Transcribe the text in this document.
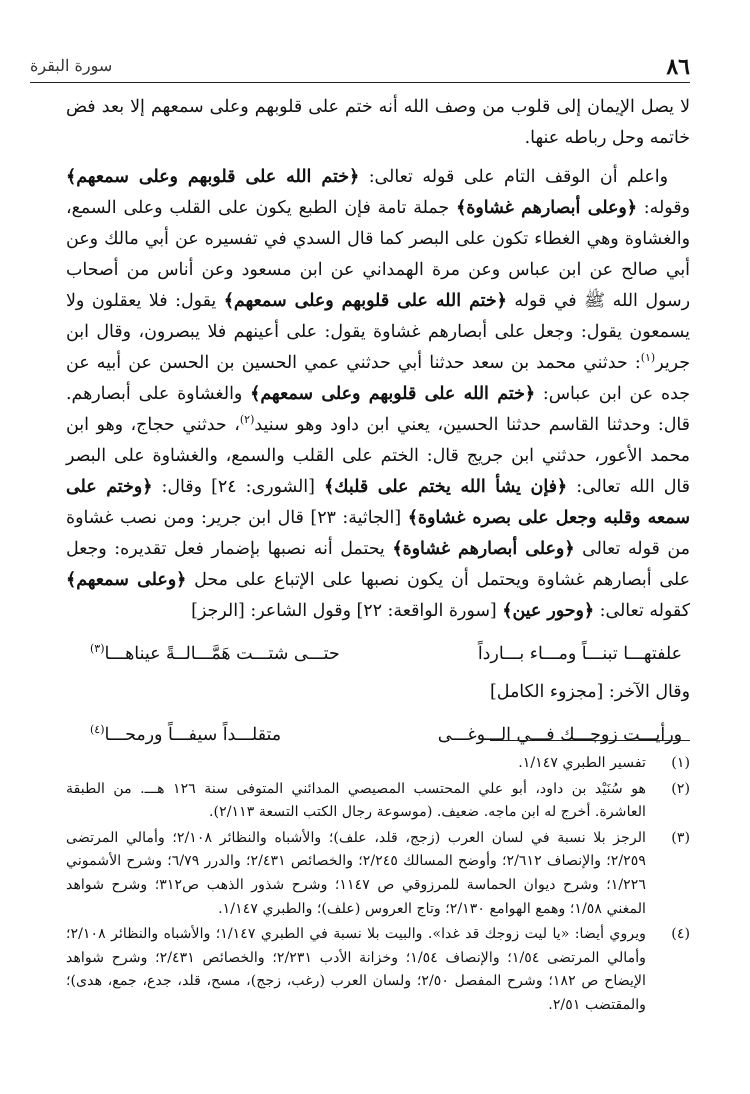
٨٦
سورة البقرة

لا يصل الإيمان إلى قلوب من وصف الله أنه ختم على قلوبهم وعلى سمعهم إلا بعد فض خاتمه وحل رباطه عنها.

واعلم أن الوقف التام على قوله تعالى: ﴿ختم الله على قلوبهم وعلى سمعهم﴾ وقوله: ﴿وعلى أبصارهم غشاوة﴾ جملة تامة فإن الطبع يكون على القلب وعلى السمع، والغشاوة وهي الغطاء تكون على البصر كما قال السدي في تفسيره عن أبي مالك وعن أبي صالح عن ابن عباس وعن مرة الهمداني عن ابن مسعود وعن أناس من أصحاب رسول الله ﷺ في قوله ﴿ختم الله على قلوبهم وعلى سمعهم﴾ يقول: فلا يعقلون ولا يسمعون يقول: وجعل على أبصارهم غشاوة يقول: على أعينهم فلا يبصرون، وقال ابن جرير$^{(١)}$: حدثني محمد بن سعد حدثنا أبي حدثني عمي الحسين بن الحسن عن أبيه عن جده عن ابن عباس: ﴿ختم الله على قلوبهم وعلى سمعهم﴾ والغشاوة على أبصارهم. قال: وحدثنا القاسم حدثنا الحسين، يعني ابن داود وهو سنيد$^{(٢)}$، حدثني حجاج، وهو ابن محمد الأعور، حدثني ابن جريج قال: الختم على القلب والسمع، والغشاوة على البصر قال الله تعالى: ﴿فإن يشأ الله يختم على قلبك﴾ [الشورى: ٢٤] وقال: ﴿وختم على سمعه وقلبه وجعل على بصره غشاوة﴾ [الجاثية: ٢٣] قال ابن جرير: ومن نصب غشاوة من قوله تعالى ﴿وعلى أبصارهم غشاوة﴾ يحتمل أنه نصبها بإضمار فعل تقديره: وجعل على أبصارهم غشاوة ويحتمل أن يكون نصبها على الإتباع على محل ﴿وعلى سمعهم﴾ كقوله تعالى: ﴿وحور عين﴾ [سورة الواقعة: ٢٢] وقول الشاعر: [الرجز]

علفتهـــا تبنـــاً ومـــاء بـــارداً
حتـــى شتـــت هَمَّـــالــةً عيناهـــا$^{(٣)}$

وقال الآخر: [مجزوء الكامل]

ورأيـــت زوجـــك فـــي الـــوغـــى
متقلـــداً سيفـــاً ورمحـــا$^{(٤)}$
(١)
تفسير الطبري ١/١٤٧.
(٢)
هو سُنَيْد بن داود، أبو علي المحتسب المصيصي المدائني المتوفى سنة ١٢٦ هـــ. من الطبقة العاشرة. أخرج له ابن ماجه. ضعيف. (موسوعة رجال الكتب التسعة ٢/١١٣).
(٣)
الرجز بلا نسبة في لسان العرب (زجج، قلد، علف)؛ والأشباه والنظائر ٢/١٠٨؛ وأمالي المرتضى ٢/٢٥٩؛ والإنصاف ٢/٦١٢؛ وأوضح المسالك ٢/٢٤٥؛ والخصائص ٢/٤٣١؛ والدرر ٦/٧٩؛ وشرح الأشموني ١/٢٢٦؛ وشرح ديوان الحماسة للمرزوقي ص ١١٤٧؛ وشرح شذور الذهب ص٣١٢؛ وشرح شواهد المغني ١/٥٨؛ وهمع الهوامع ٢/١٣٠؛ وتاج العروس (علف)؛ والطبري ١/١٤٧.
(٤)
ويروي أيضا: «يا ليت زوجك قد غدا». والبيت بلا نسبة في الطبري ١/١٤٧؛ والأشباه والنظائر ٢/١٠٨؛ وأمالي المرتضى ١/٥٤؛ والإنصاف ١/٥٤؛ وخزانة الأدب ٢/٢٣١؛ والخصائص ٢/٤٣١؛ وشرح شواهد الإيضاح ص ١٨٢؛ وشرح المفصل ٢/٥٠؛ ولسان العرب (رغب، زجج)، مسح، قلد، جدع، جمع، هدى)؛ والمقتضب ٢/٥١.
